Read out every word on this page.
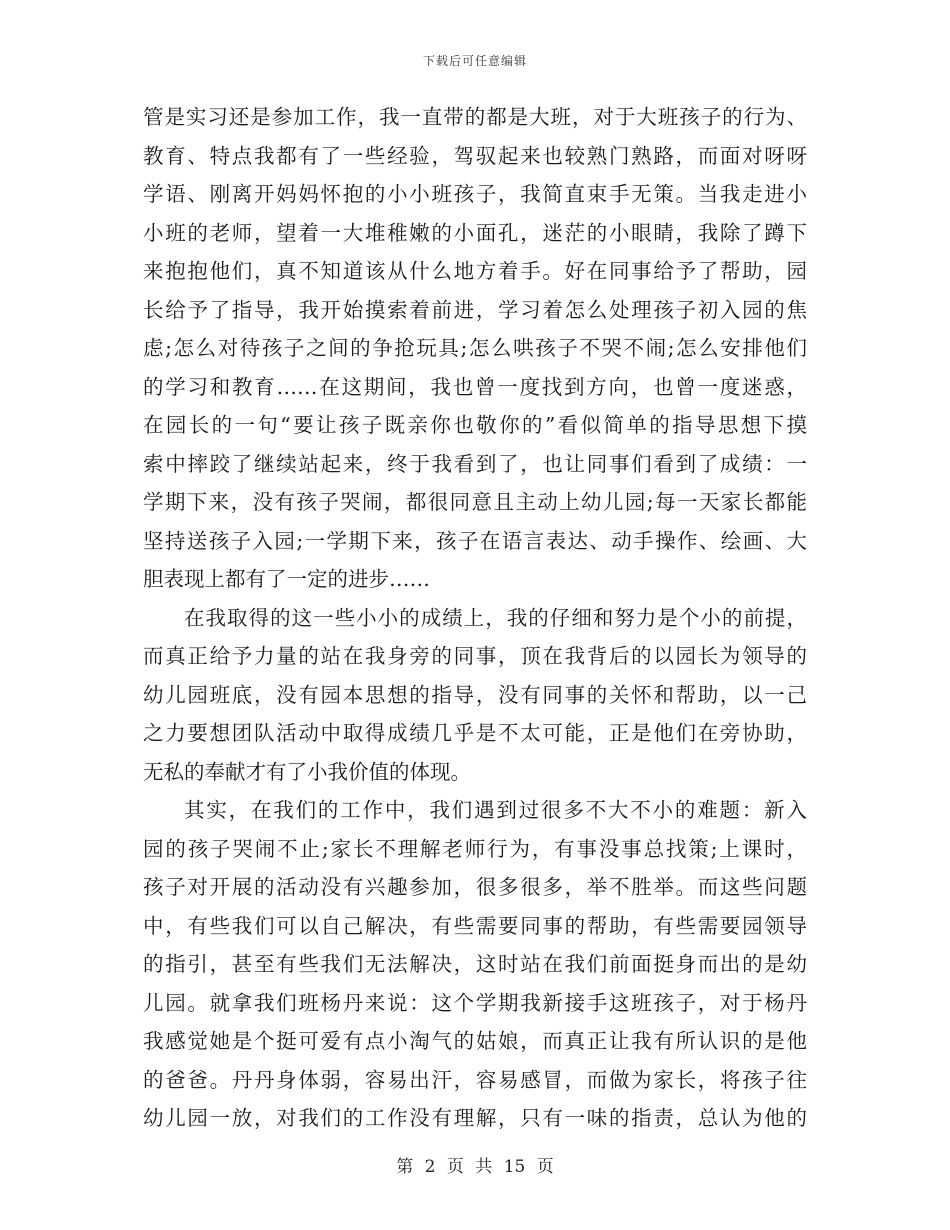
下载后可任意编辑
管是实习还是参加工作，我一直带的都是大班，对于大班孩子的行为、
教育、特点我都有了一些经验，驾驭起来也较熟门熟路，而面对呀呀
学语、刚离开妈妈怀抱的小小班孩子，我简直束手无策。当我走进小
小班的老师，望着一大堆稚嫩的小面孔，迷茫的小眼睛，我除了蹲下
来抱抱他们，真不知道该从什么地方着手。好在同事给予了帮助，园
长给予了指导，我开始摸索着前进，学习着怎么处理孩子初入园的焦
虑;怎么对待孩子之间的争抢玩具;怎么哄孩子不哭不闹;怎么安排他们
的学习和教育……在这期间，我也曾一度找到方向，也曾一度迷惑，
在园长的一句“要让孩子既亲你也敬你的”看似简单的指导思想下摸
索中摔跤了继续站起来，终于我看到了，也让同事们看到了成绩：一
学期下来，没有孩子哭闹，都很同意且主动上幼儿园;每一天家长都能
坚持送孩子入园;一学期下来，孩子在语言表达、动手操作、绘画、大
胆表现上都有了一定的进步……
在我取得的这一些小小的成绩上，我的仔细和努力是个小的前提，
而真正给予力量的站在我身旁的同事，顶在我背后的以园长为领导的
幼儿园班底，没有园本思想的指导，没有同事的关怀和帮助，以一己
之力要想团队活动中取得成绩几乎是不太可能，正是他们在旁协助，
无私的奉献才有了小我价值的体现。
其实，在我们的工作中，我们遇到过很多不大不小的难题：新入
园的孩子哭闹不止;家长不理解老师行为，有事没事总找策;上课时，
孩子对开展的活动没有兴趣参加，很多很多，举不胜举。而这些问题
中，有些我们可以自己解决，有些需要同事的帮助，有些需要园领导
的指引，甚至有些我们无法解决，这时站在我们前面挺身而出的是幼
儿园。就拿我们班杨丹来说：这个学期我新接手这班孩子，对于杨丹
我感觉她是个挺可爱有点小淘气的姑娘，而真正让我有所认识的是他
的爸爸。丹丹身体弱，容易出汗，容易感冒，而做为家长，将孩子往
幼儿园一放，对我们的工作没有理解，只有一味的指责，总认为他的
第 2 页 共 15 页
